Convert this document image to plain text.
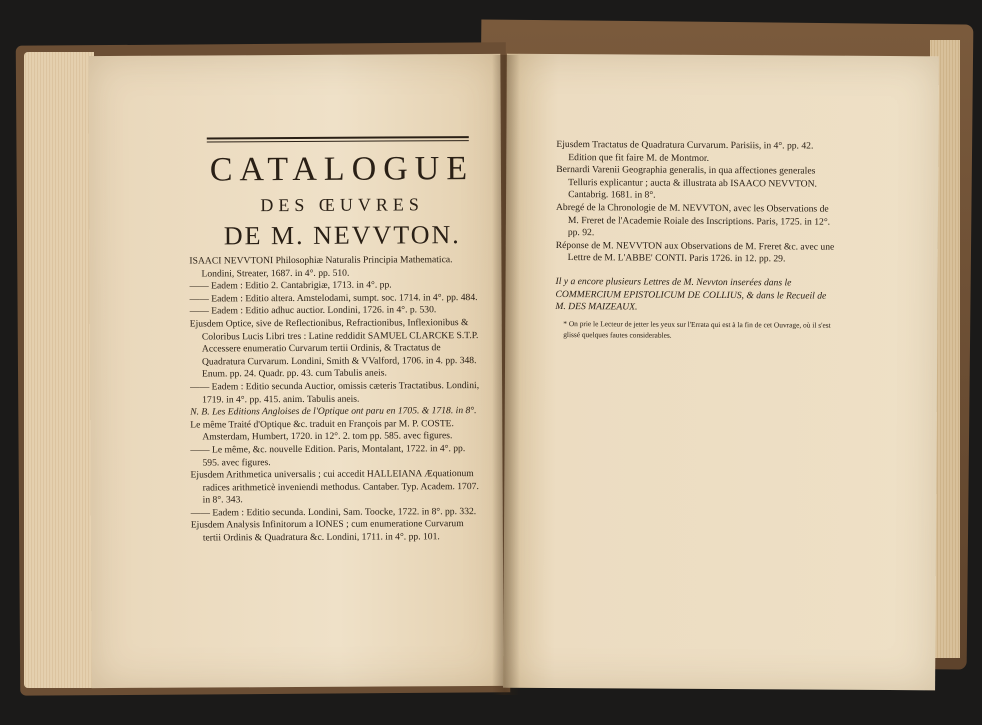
CATALOGUE
DES ŒUVRES
DE M. NEVVTON.

ISAACI NEVVTONI Philosophiæ Naturalis Principia Mathematica. Londini, Streater, 1687. in 4°. pp. 510.

—— Eadem : Editio 2. Cantabrigiæ, 1713. in 4°. pp.

—— Eadem : Editio altera. Amstelodami, sumpt. soc. 1714. in 4°. pp. 484.

—— Eadem : Editio adhuc auctior. Londini, 1726. in 4°. p. 530.

Ejusdem Optice, sive de Reflectionibus, Refractionibus, Inflexionibus & Coloribus Lucis Libri tres : Latine reddidit SAMUEL CLARCKE S.T.P. Accessere enumeratio Curvarum tertii Ordinis, & Tractatus de Quadratura Curvarum. Londini, Smith & VValford, 1706. in 4. pp. 348. Enum. pp. 24. Quadr. pp. 43. cum Tabulis aneis.

—— Eadem : Editio secunda Auctior, omissis cæteris Tractatibus. Londini, 1719. in 4°. pp. 415. anim. Tabulis aneis.

N. B. Les Editions Angloises de l'Optique ont paru en 1705. & 1718. in 8°.

Le même Traité d'Optique &c. traduit en François par M. P. COSTE. Amsterdam, Humbert, 1720. in 12°. 2. tom pp. 585. avec figures.

—— Le même, &c. nouvelle Edition. Paris, Montalant, 1722. in 4°. pp. 595. avec figures.

Ejusdem Arithmetica universalis ; cui accedit HALLEIANA Æquationum radices arithmeticè inveniendi methodus. Cantaber. Typ. Academ. 1707. in 8°. 343.

—— Eadem : Editio secunda. Londini, Sam. Toocke, 1722. in 8°. pp. 332.

Ejusdem Analysis Infinitorum a IONES ; cum enumeratione Curvarum tertii Ordinis & Quadratura &c. Londini, 1711. in 4°. pp. 101.

Ejusdem Tractatus de Quadratura Curvarum. Parisiis, in 4°. pp. 42. Edition que fit faire M. de Montmor.

Bernardi Varenii Geographia generalis, in qua affectiones generales Telluris explicantur ; aucta & illustrata ab ISAACO NEVVTON. Cantabrig. 1681. in 8°.

Abregé de la Chronologie de M. NEVVTON, avec les Observations de M. Freret de l'Academie Roiale des Inscriptions. Paris, 1725. in 12°. pp. 92.

Réponse de M. NEVVTON aux Observations de M. Freret &c. avec une Lettre de M. L'ABBE' CONTI. Paris 1726. in 12. pp. 29.

Il y a encore plusieurs Lettres de M. Nevvton inserées dans le COMMERCIUM EPISTOLICUM DE COLLIUS, & dans le Recueil de M. DES MAIZEAUX.
* On prie le Lecteur de jetter les yeux sur l'Errata qui est à la fin de cet Ouvrage, où il s'est glissé quelques fautes considerables.
